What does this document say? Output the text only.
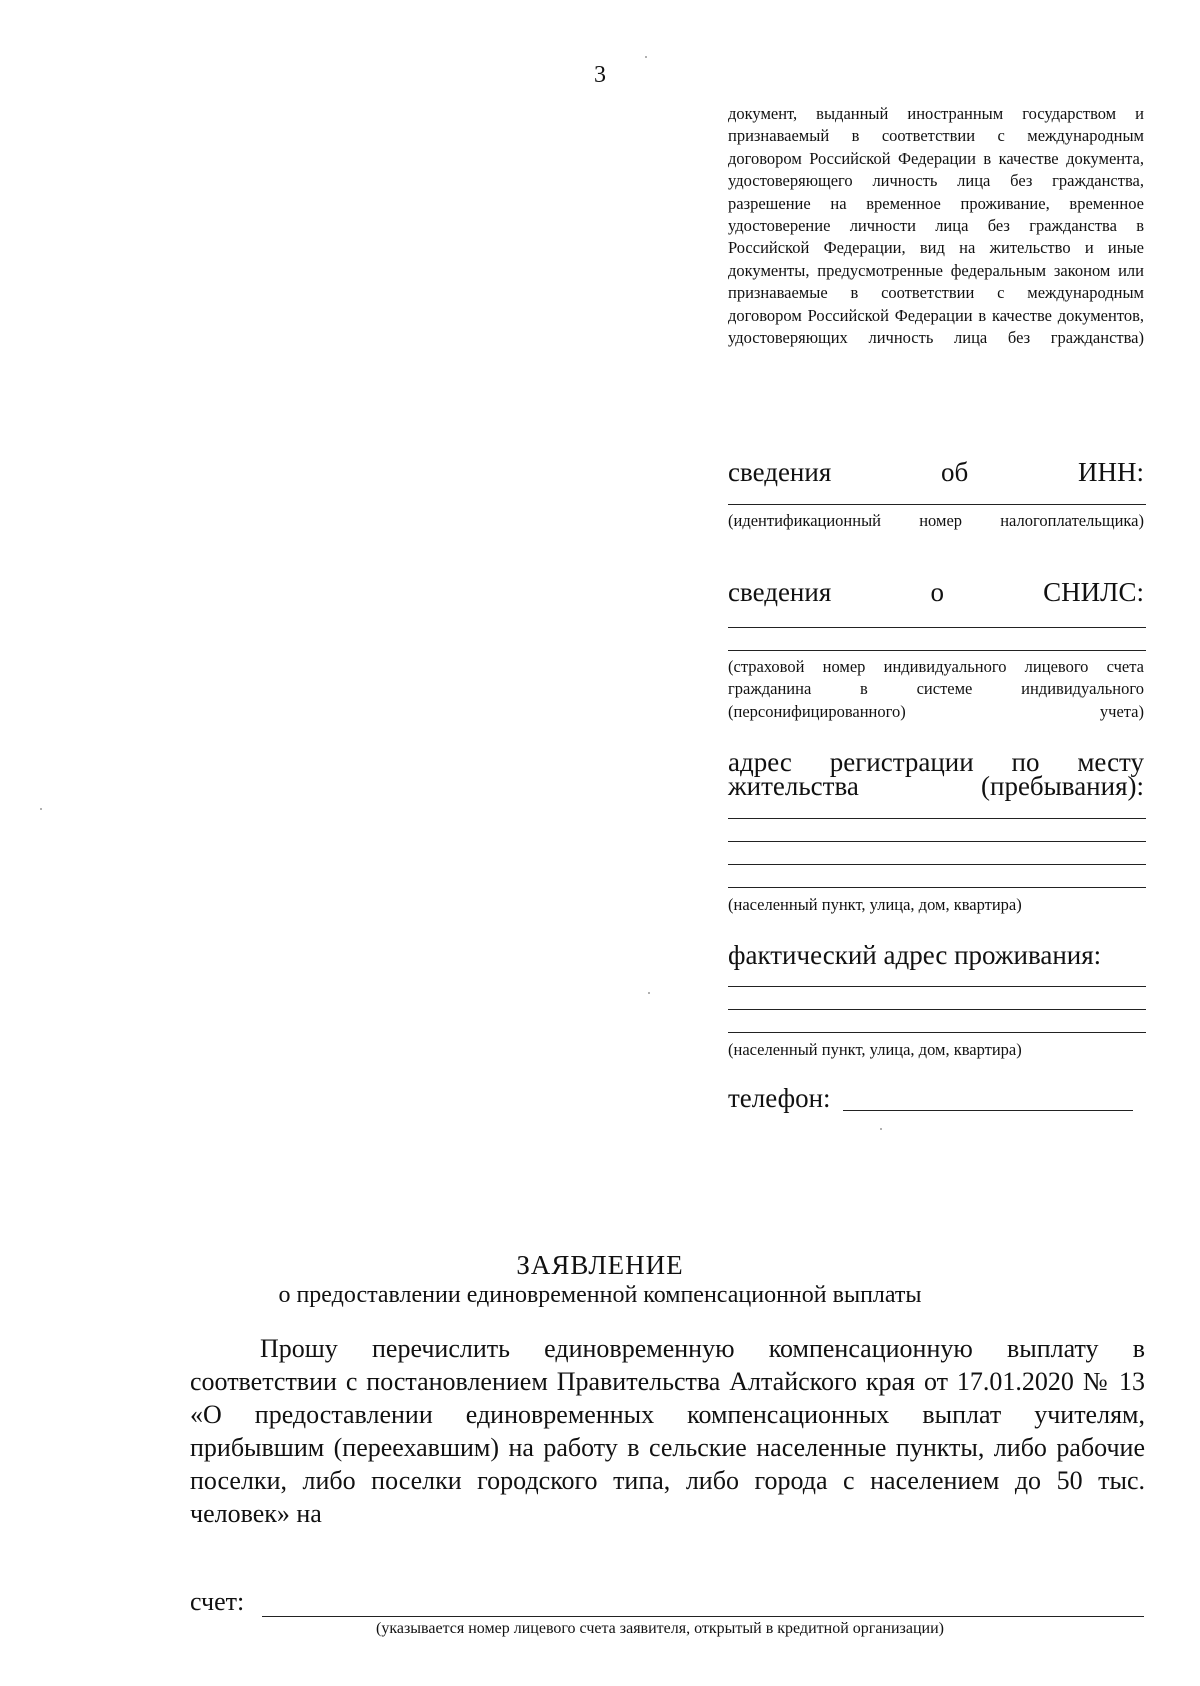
3
документ, выданный иностранным государством и признаваемый в соответствии с международным договором Российской Федерации в качестве документа, удостоверяющего личность лица без гражданства, разрешение на временное проживание, временное удостоверение личности лица без гражданства в Российской Федерации, вид на жительство и иные документы, предусмотренные федеральным законом или признаваемые в соответствии с международным договором Российской Федерации в качестве документов, удостоверяющих личность лица без гражданства)
сведения об ИНН:
(идентификационный номер налогоплательщика)
сведения о СНИЛС:
(страховой номер индивидуального лицевого счета гражданина в системе индивидуального (персонифицированного) учета)
адрес регистрации по месту жительства (пребывания):
(населенный пункт, улица, дом, квартира)
фактический адрес проживания:
(населенный пункт, улица, дом, квартира)
телефон:
ЗАЯВЛЕНИЕ
о предоставлении единовременной компенсационной выплаты
Прошу перечислить единовременную компенсационную выплату в соответствии с постановлением Правительства Алтайского края от 17.01.2020 № 13 «О предоставлении единовременных компенсационных выплат учителям, прибывшим (переехавшим) на работу в сельские населенные пункты, либо рабочие поселки, либо поселки городского типа, либо города с населением до 50 тыс. человек» на
счет:
(указывается номер лицевого счета заявителя, открытый в кредитной организации)
